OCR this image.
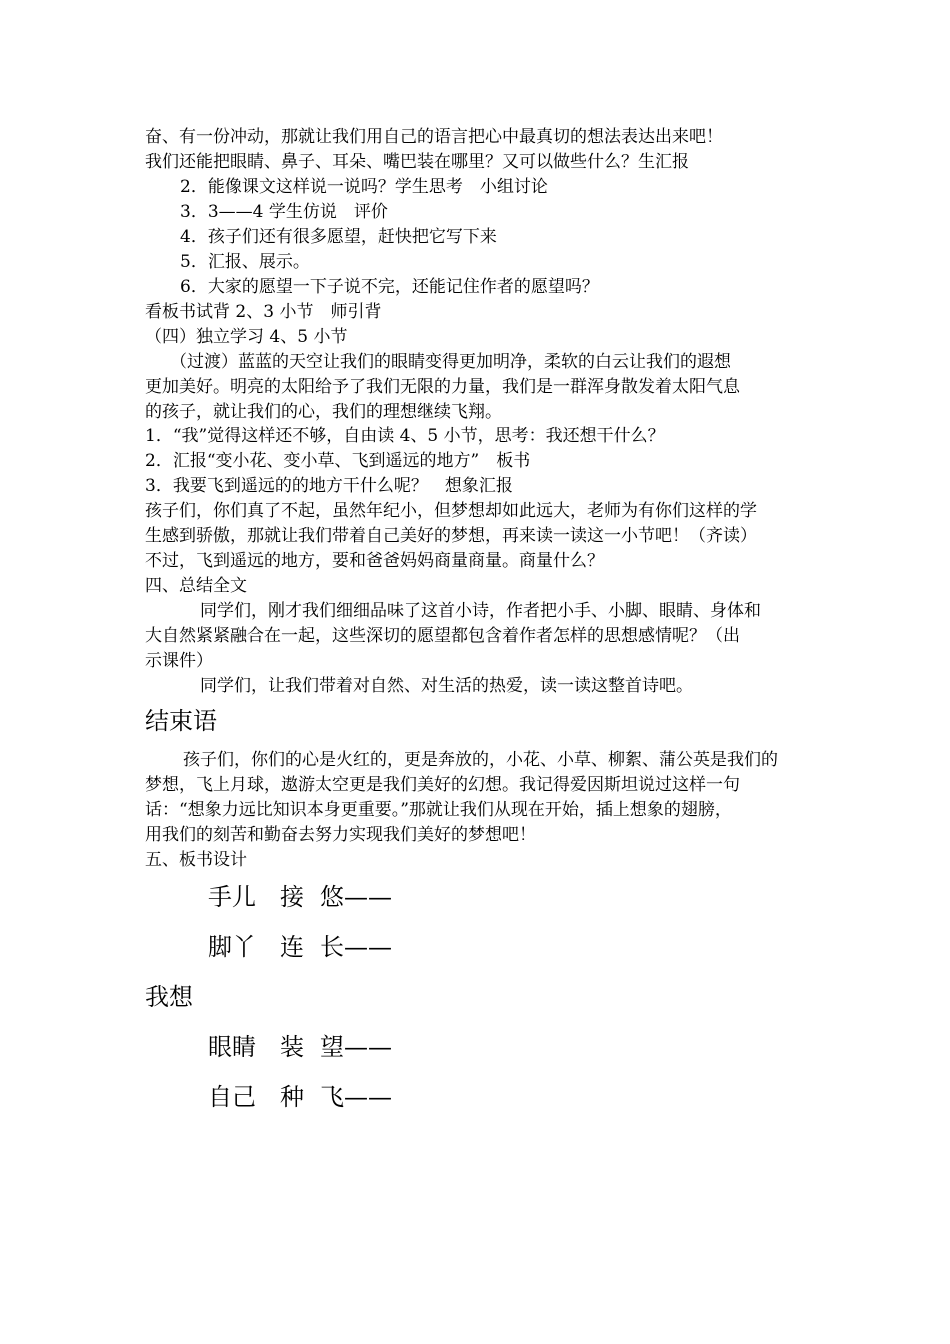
奋、有一份冲动，那就让我们用自己的语言把心中最真切的想法表达出来吧！
我们还能把眼睛、鼻子、耳朵、嘴巴装在哪里？又可以做些什么？生汇报
2．能像课文这样说一说吗？学生思考　小组讨论
3．3——4 学生仿说　评价
4．孩子们还有很多愿望，赶快把它写下来
5．汇报、展示。
6．大家的愿望一下子说不完，还能记住作者的愿望吗？
看板书试背 2、3 小节　师引背
（四）独立学习 4、5 小节
（过渡）蓝蓝的天空让我们的眼睛变得更加明净，柔软的白云让我们的遐想
更加美好。明亮的太阳给予了我们无限的力量，我们是一群浑身散发着太阳气息
的孩子，就让我们的心，我们的理想继续飞翔。
1．“我”觉得这样还不够，自由读 4、5 小节，思考：我还想干什么？
2．汇报“变小花、变小草、飞到遥远的地方”　板书
3．我要飞到遥远的的地方干什么呢？　想象汇报
孩子们，你们真了不起，虽然年纪小，但梦想却如此远大，老师为有你们这样的学
生感到骄傲，那就让我们带着自己美好的梦想，再来读一读这一小节吧！（齐读）
不过，飞到遥远的地方，要和爸爸妈妈商量商量。商量什么？
四、总结全文
同学们，刚才我们细细品味了这首小诗，作者把小手、小脚、眼睛、身体和
大自然紧紧融合在一起，这些深切的愿望都包含着作者怎样的思想感情呢？（出
示课件）
同学们，让我们带着对自然、对生活的热爱，读一读这整首诗吧。
结束语
孩子们，你们的心是火红的，更是奔放的，小花、小草、柳絮、蒲公英是我们的
梦想，飞上月球，遨游太空更是我们美好的幻想。我记得爱因斯坦说过这样一句
话：“想象力远比知识本身更重要。”那就让我们从现在开始，插上想象的翅膀，
用我们的刻苦和勤奋去努力实现我们美好的梦想吧！
五、板书设计
手儿 接 悠——
脚丫 连 长——
我想
眼睛 装 望——
自己 种 飞——
